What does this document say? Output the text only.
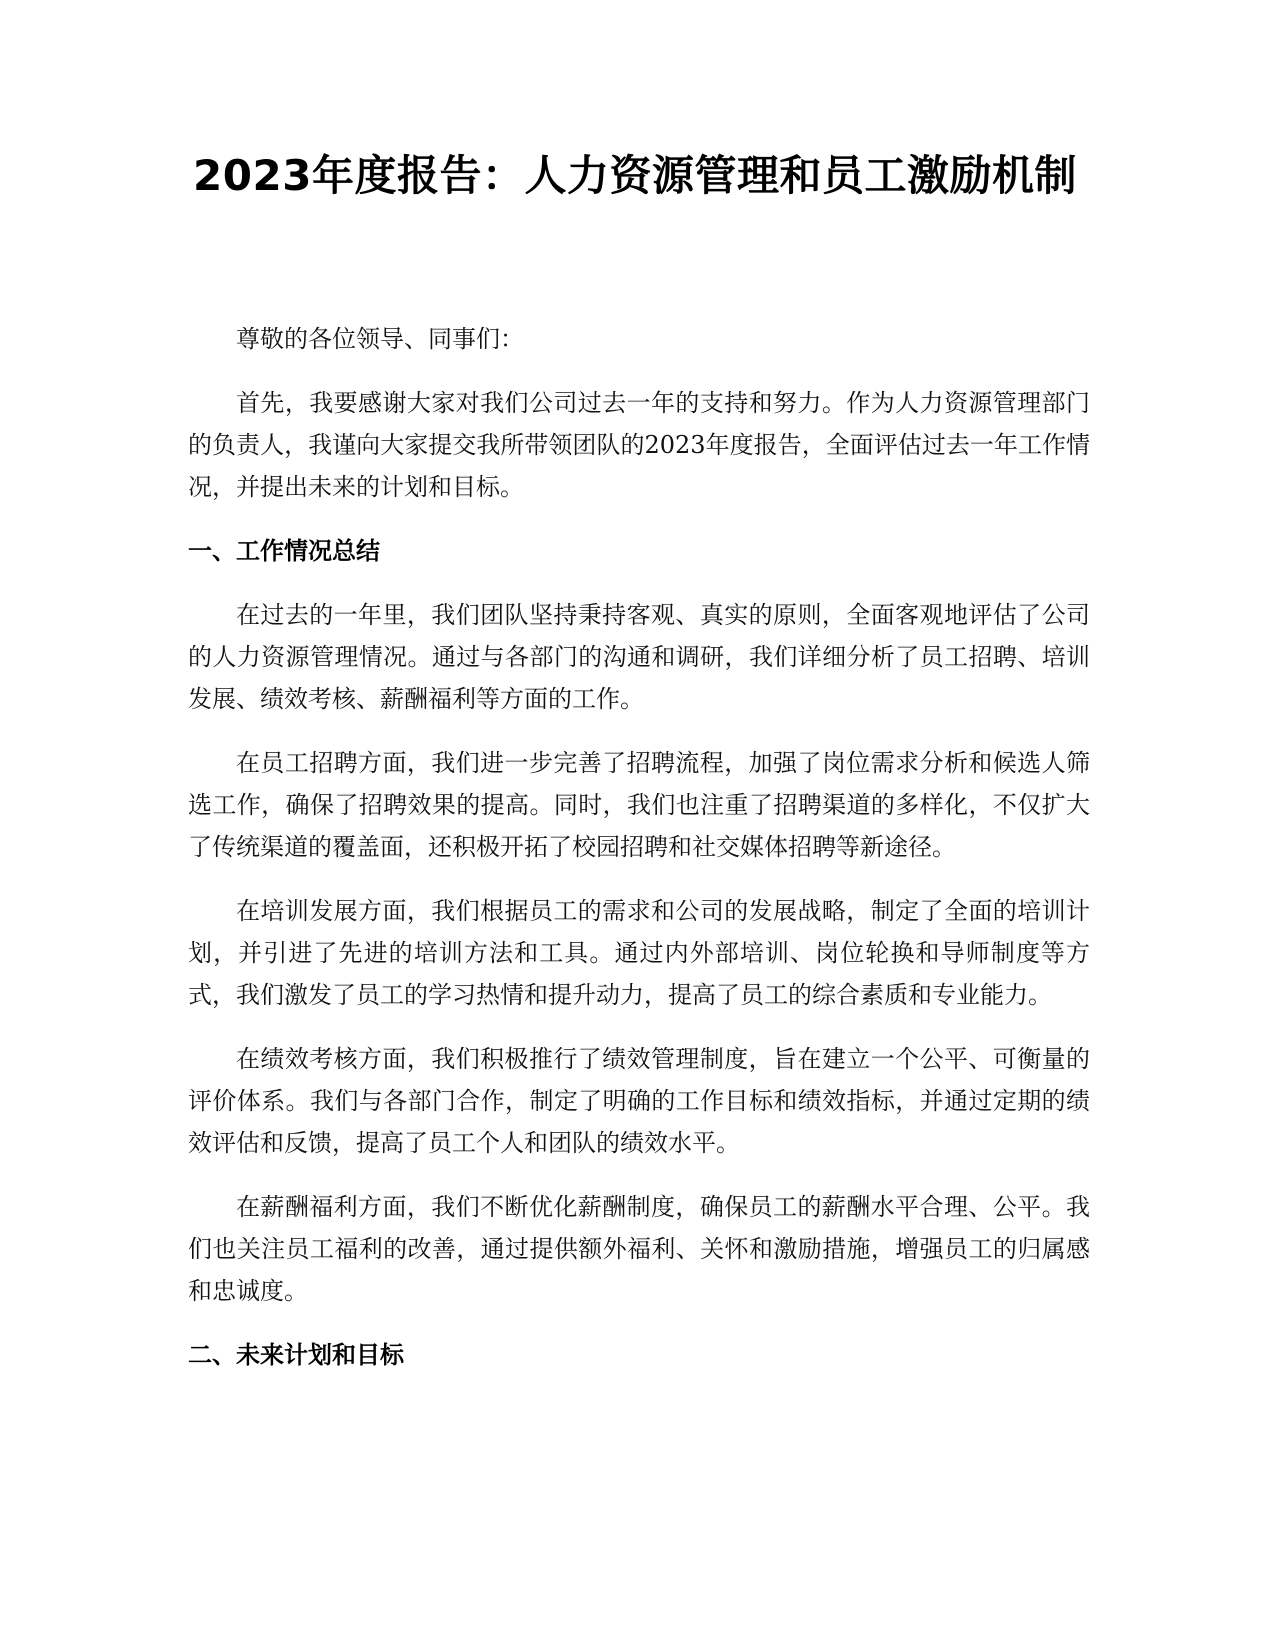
2023年度报告：人力资源管理和员工激励机制

尊敬的各位领导、同事们：

首先，我要感谢大家对我们公司过去一年的支持和努力。作为人力资源管理部门的负责人，我谨向大家提交我所带领团队的2023年度报告，全面评估过去一年工作情况，并提出未来的计划和目标。

一、工作情况总结

在过去的一年里，我们团队坚持秉持客观、真实的原则，全面客观地评估了公司的人力资源管理情况。通过与各部门的沟通和调研，我们详细分析了员工招聘、培训发展、绩效考核、薪酬福利等方面的工作。

在员工招聘方面，我们进一步完善了招聘流程，加强了岗位需求分析和候选人筛选工作，确保了招聘效果的提高。同时，我们也注重了招聘渠道的多样化，不仅扩大了传统渠道的覆盖面，还积极开拓了校园招聘和社交媒体招聘等新途径。

在培训发展方面，我们根据员工的需求和公司的发展战略，制定了全面的培训计划，并引进了先进的培训方法和工具。通过内外部培训、岗位轮换和导师制度等方式，我们激发了员工的学习热情和提升动力，提高了员工的综合素质和专业能力。

在绩效考核方面，我们积极推行了绩效管理制度，旨在建立一个公平、可衡量的评价体系。我们与各部门合作，制定了明确的工作目标和绩效指标，并通过定期的绩效评估和反馈，提高了员工个人和团队的绩效水平。

在薪酬福利方面，我们不断优化薪酬制度，确保员工的薪酬水平合理、公平。我们也关注员工福利的改善，通过提供额外福利、关怀和激励措施，增强员工的归属感和忠诚度。

二、未来计划和目标
